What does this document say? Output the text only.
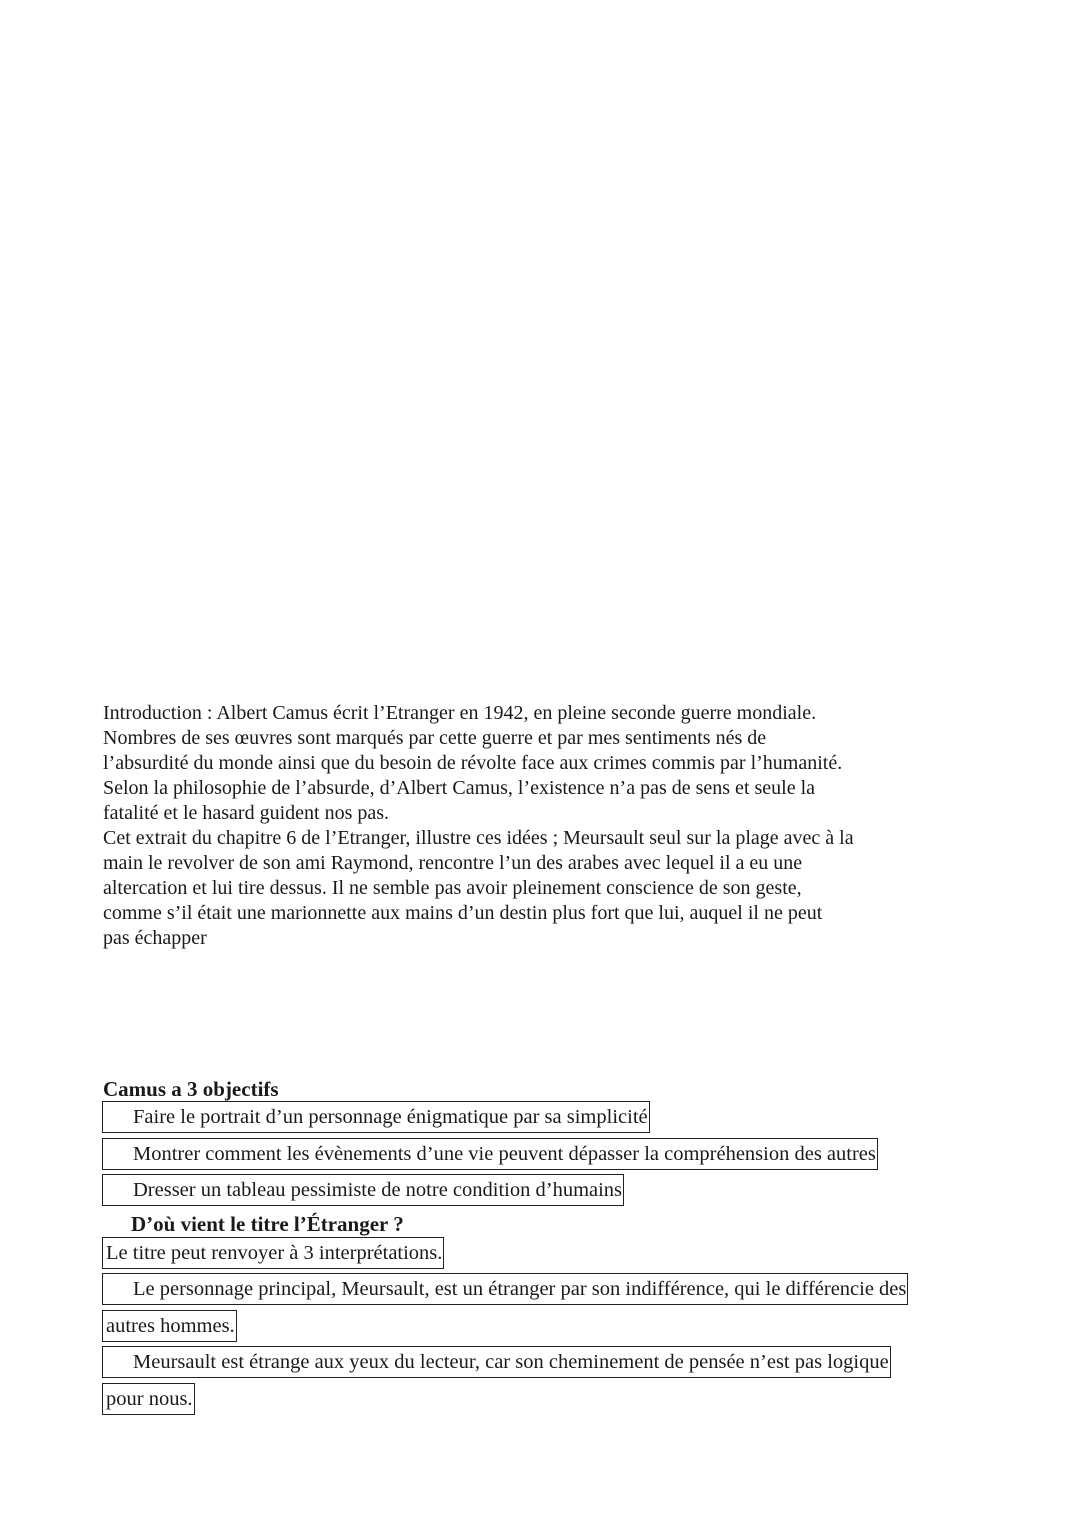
Introduction : Albert Camus écrit l’Etranger en 1942, en pleine seconde guerre mondiale.
Nombres de ses œuvres sont marqués par cette guerre et par mes sentiments nés de
l’absurdité du monde ainsi que du besoin de révolte face aux crimes commis par l’humanité.
Selon la philosophie de l’absurde, d’Albert Camus, l’existence n’a pas de sens et seule la
fatalité et le hasard guident nos pas.

Cet extrait du chapitre 6 de l’Etranger, illustre ces idées ; Meursault seul sur la plage avec à la
main le revolver de son ami Raymond, rencontre l’un des arabes avec lequel il a eu une
altercation et lui tire dessus. Il ne semble pas avoir pleinement conscience de son geste,
comme s’il était une marionnette aux mains d’un destin plus fort que lui, auquel il ne peut
pas échapper

Camus a 3 objectifs
Faire le portrait d’un personnage énigmatique par sa simplicité
Montrer comment les évènements d’une vie peuvent dépasser la compréhension des autres
Dresser un tableau pessimiste de notre condition d’humains
D’où vient le titre l’Étranger ?
Le titre peut renvoyer à 3 interprétations.
Le personnage principal, Meursault, est un étranger par son indifférence, qui le différencie des
autres hommes.
Meursault est étrange aux yeux du lecteur, car son cheminement de pensée n’est pas logique
pour nous.
